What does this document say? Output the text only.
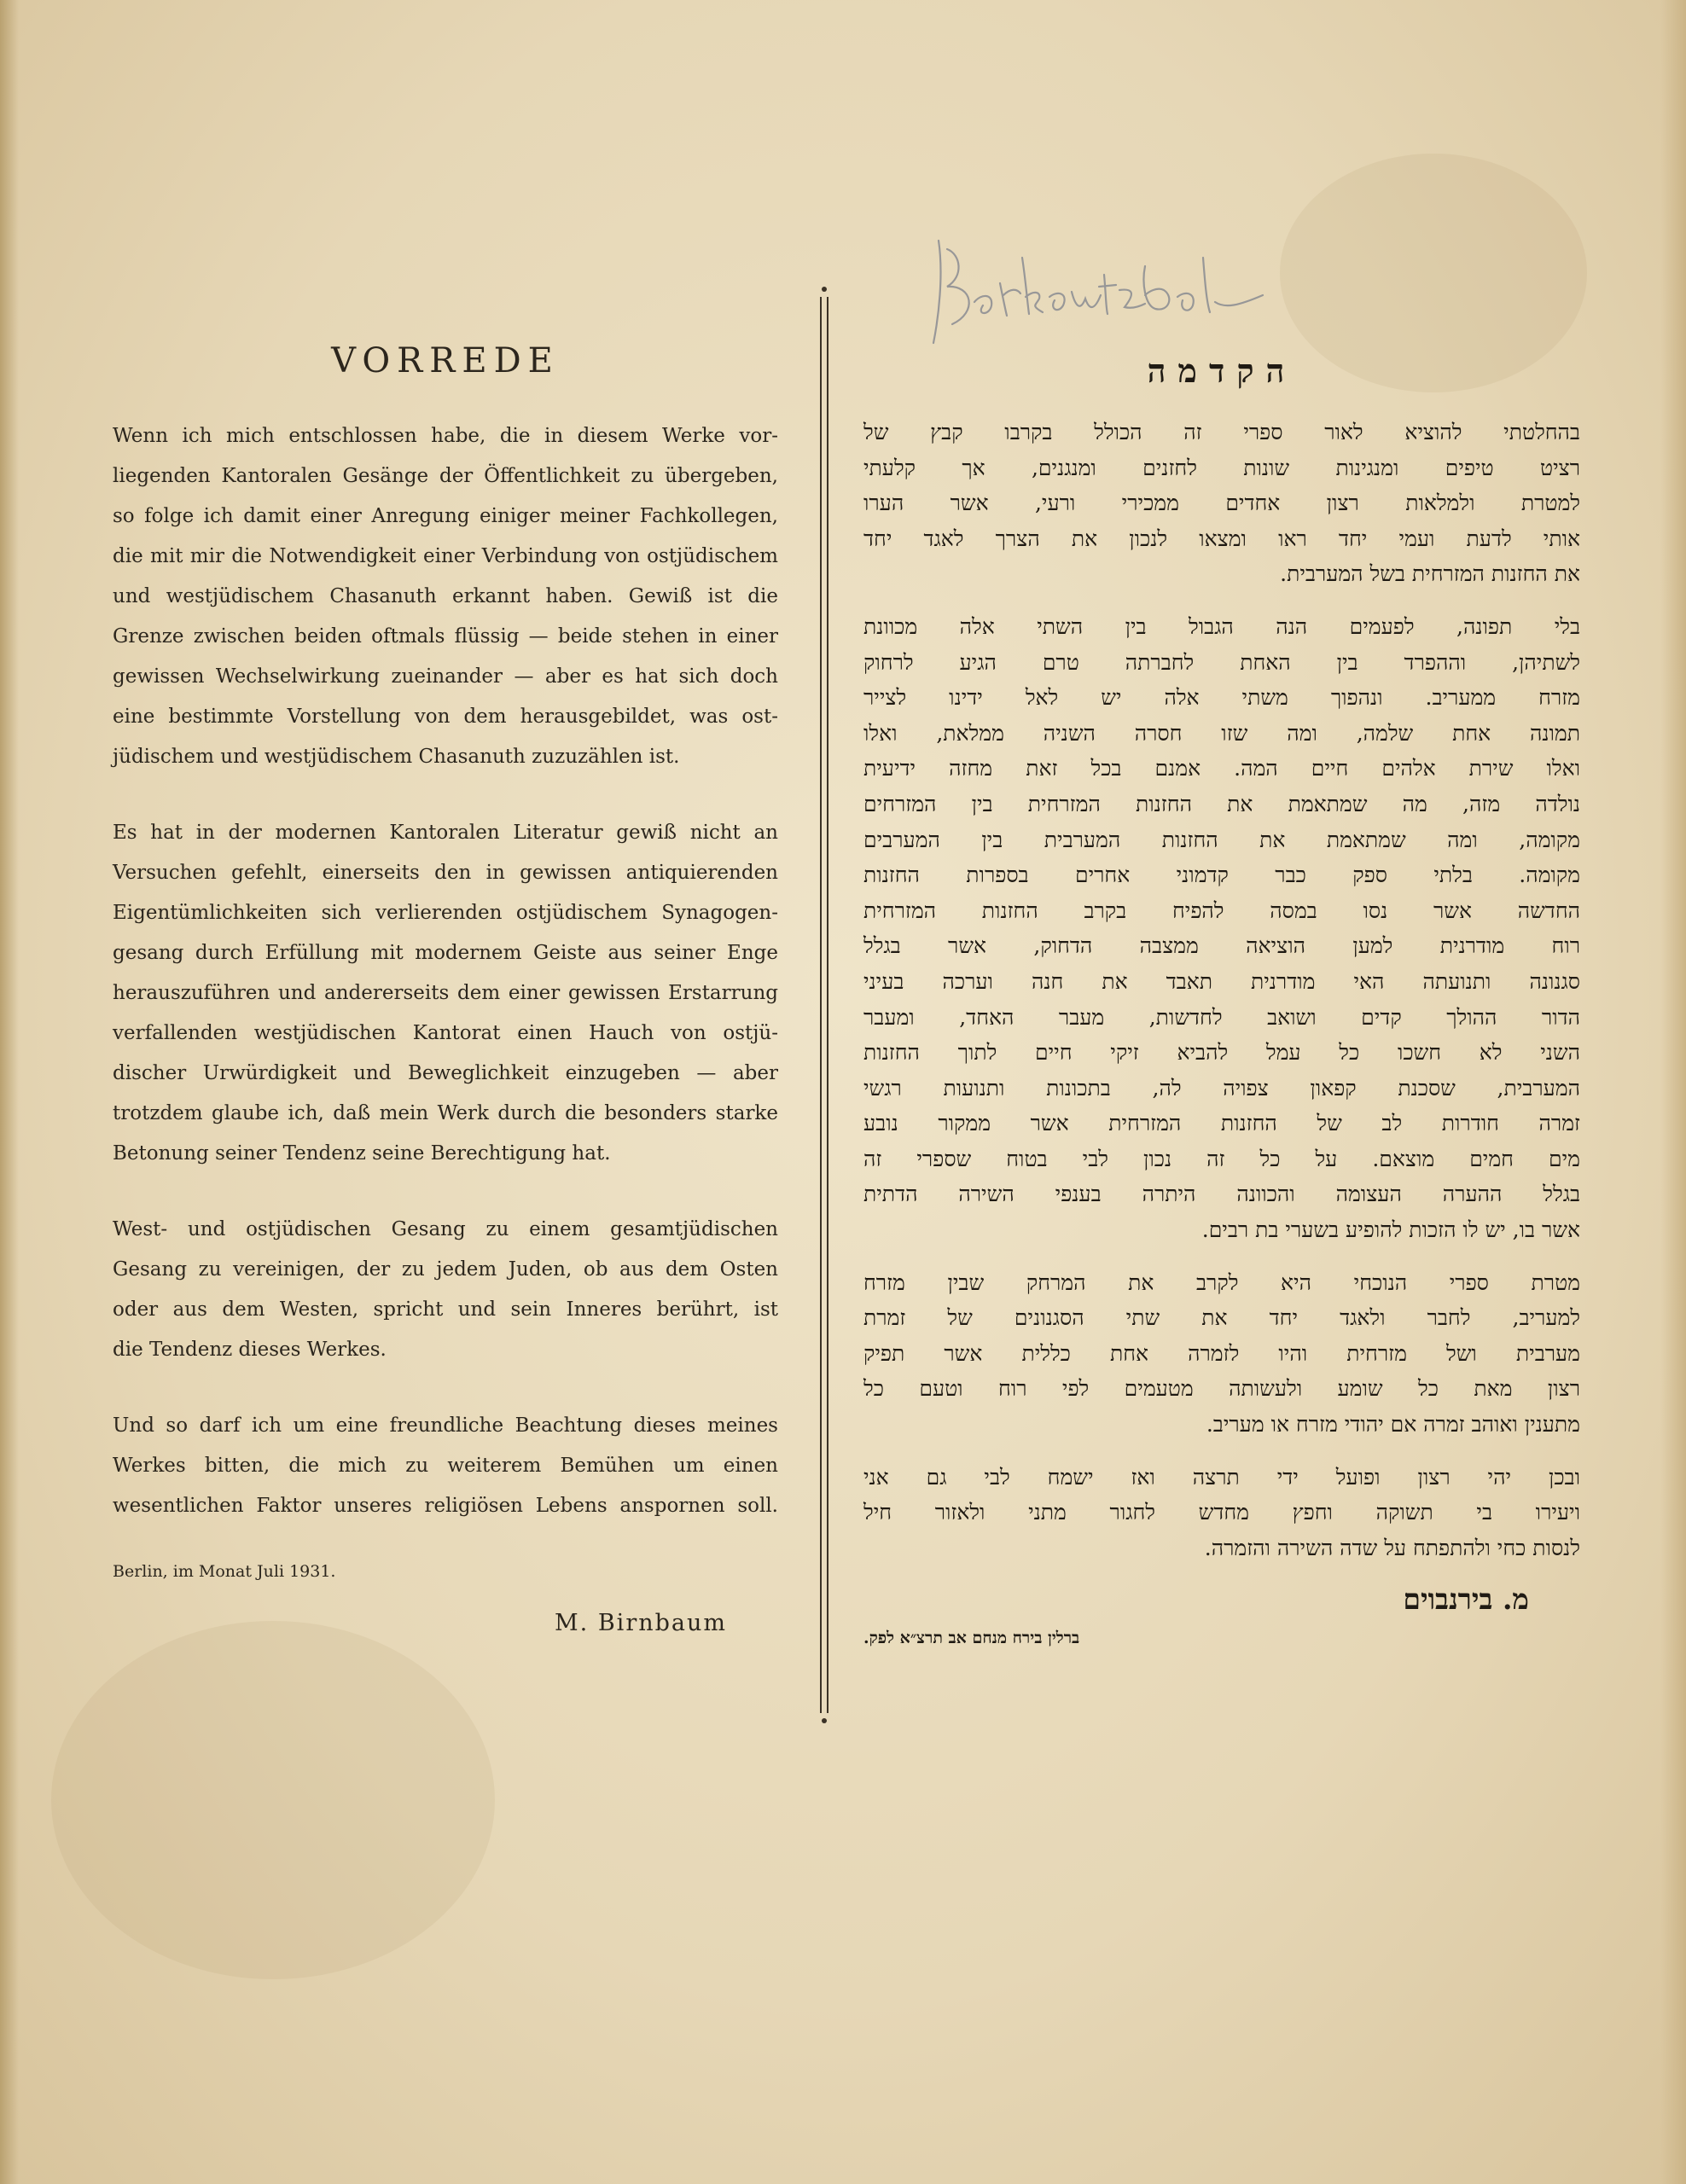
VORREDE
Wenn ich mich entschlossen habe, die in diesem Werke vor-
liegenden Kantoralen Gesänge der Öffentlichkeit zu übergeben,
so folge ich damit einer Anregung einiger meiner Fachkollegen,
die mit mir die Notwendigkeit einer Verbindung von ostjüdischem
und westjüdischem Chasanuth erkannt haben. Gewiß ist die
Grenze zwischen beiden oftmals flüssig — beide stehen in einer
gewissen Wechselwirkung zueinander — aber es hat sich doch
eine bestimmte Vorstellung von dem herausgebildet, was ost-
jüdischem und westjüdischem Chasanuth zuzuzählen ist.
Es hat in der modernen Kantoralen Literatur gewiß nicht an
Versuchen gefehlt, einerseits den in gewissen antiquierenden
Eigentümlichkeiten sich verlierenden ostjüdischem Synagogen-
gesang durch Erfüllung mit modernem Geiste aus seiner Enge
herauszuführen und andererseits dem einer gewissen Erstarrung
verfallenden westjüdischen Kantorat einen Hauch von ostjü-
discher Urwürdigkeit und Beweglichkeit einzugeben — aber
trotzdem glaube ich, daß mein Werk durch die besonders starke
Betonung seiner Tendenz seine Berechtigung hat.
West- und ostjüdischen Gesang zu einem gesamtjüdischen
Gesang zu vereinigen, der zu jedem Juden, ob aus dem Osten
oder aus dem Westen, spricht und sein Inneres berührt, ist
die Tendenz dieses Werkes.
Und so darf ich um eine freundliche Beachtung dieses meines
Werkes bitten, die mich zu weiterem Bemühen um einen
wesentlichen Faktor unseres religiösen Lebens anspornen soll.
Berlin, im Monat Juli 1931.
M. Birnbaum
הקדמה
בהחלטתי להוציא לאור ספרי זה הכולל בקרבו קבץ של
רציט טיפים ומנגינות שונות לחזנים ומנגנים, אך קלעתי
למטרת ולמלאות רצון אחדים ממכירי ורעי, אשר הערו
אותי לדעת ועמי יחד ראו ומצאו לנכון את הצרך לאגד יחד
את החזנות המזרחית בשל המערבית.
בלי תפונה, לפעמים הנה הגבול בין השתי אלה מכוונת
לשתיהן, וההפרד בין האחת לחברתה טרם הגיע לרחוק
מזרח ממעריב. ונהפוך משתי אלה יש לאל ידינו לצייר
תמונה אחת שלמה, ומה שזו חסרה השניה ממלאת, ואלו
ואלו שירת אלהים חיים המה. אמנם בכל זאת מחזה ידיעית
נולדה מזה, מה שמתאמת את החזנות המזרחית בין המזרחים
מקומה, ומה שמתאמת את החזנות המערבית בין המערבים
מקומה. בלתי ספק כבר קדמוני אחרים בספרות החזנות
החדשה אשר נסו במסה להפיח בקרב החזנות המזרחית
רוח מודרנית למען הוציאה ממצבה הדחוק, אשר בגלל
סגנונה ותנועתה האי מודרנית תאבד את חנה וערכה בעיני
הדור ההולך קדים ושואב לחדשות, מעבר האחד, ומעבר
השני לא חשכו כל עמל להביא זיקי חיים לתוך החזנות
המערבית, שסכנת קפאון צפויה לה, בתכונות ותנועות רגשי
זמרה חודרות לב של החזנות המזרחית אשר ממקור נובע
מים חמים מוצאם. על כל זה נכון לבי בטוח שספרי זה
בגלל ההערה העצומה והכוונה היתרה בענפי השירה הדתית
אשר בו, יש לו הזכות להופיע בשערי בת רבים.
מטרת ספרי הנוכחי היא לקרב את המרחק שבין מזרח
למעריב, לחבר ולאגד יחד את שתי הסגנונים של זמרת
מערבית ושל מזרחית והיו לזמרה אחת כללית אשר תפיק
רצון מאת כל שומע ולעשותה מטעמים לפי רוח וטעם כל
מתענין ואוהב זמרה אם יהודי מזרח או מעריב.
ובכן יהי רצון ופועל ידי תרצה ואז ישמח לבי גם אני
ויעירו בי תשוקה וחפץ מחדש לחגור מתני ולאזור חיל
לנסות כחי ולהתפתח על שדה השירה והזמרה.
מ. בירנבוים
ברלין בירח מנחם אב תרצ״א לפק.
